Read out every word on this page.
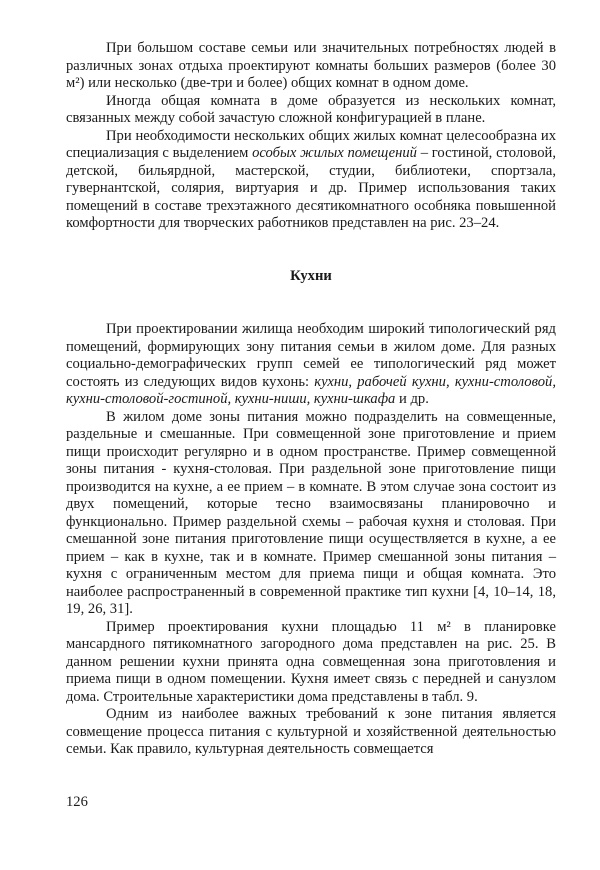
При большом составе семьи или значительных потребностях людей в различных зонах отдыха проектируют комнаты больших размеров (более 30 м²) или несколько (две-три и более) общих комнат в одном доме.

Иногда общая комната в доме образуется из нескольких комнат, связанных между собой зачастую сложной конфигурацией в плане.

При необходимости нескольких общих жилых комнат целесообразна их специализация с выделением особых жилых помещений – гостиной, столовой, детской, бильярдной, мастерской, студии, библиотеки, спортзала, гувернантской, солярия, виртуария и др. Пример использования таких помещений в составе трехэтажного десятикомнатного особняка повышенной комфортности для творческих работников представлен на рис. 23–24.

Кухни

При проектировании жилища необходим широкий типологический ряд помещений, формирующих зону питания семьи в жилом доме. Для разных социально-демографических групп семей ее типологический ряд может состоять из следующих видов кухонь: кухни, рабочей кухни, кухни-столовой, кухни-столовой-гостиной, кухни-ниши, кухни-шкафа и др.

В жилом доме зоны питания можно подразделить на совмещенные, раздельные и смешанные. При совмещенной зоне приготовление и прием пищи происходит регулярно и в одном пространстве. Пример совмещенной зоны питания - кухня-столовая. При раздельной зоне приготовление пищи производится на кухне, а ее прием – в комнате. В этом случае зона состоит из двух помещений, которые тесно взаимосвязаны планировочно и функционально. Пример раздельной схемы – рабочая кухня и столовая. При смешанной зоне питания приготовление пищи осуществляется в кухне, а ее прием – как в кухне, так и в комнате. Пример смешанной зоны питания – кухня с ограниченным местом для приема пищи и общая комната. Это наиболее распространенный в современной практике тип кухни [4, 10–14, 18, 19, 26, 31].

Пример проектирования кухни площадью 11 м² в планировке мансардного пятикомнатного загородного дома представлен на рис. 25. В данном решении кухни принята одна совмещенная зона приготовления и приема пищи в одном помещении. Кухня имеет связь с передней и санузлом дома. Строительные характеристики дома представлены в табл. 9.

Одним из наиболее важных требований к зоне питания является совмещение процесса питания с культурной и хозяйственной деятельностью семьи. Как правило, культурная деятельность совмещается

126
